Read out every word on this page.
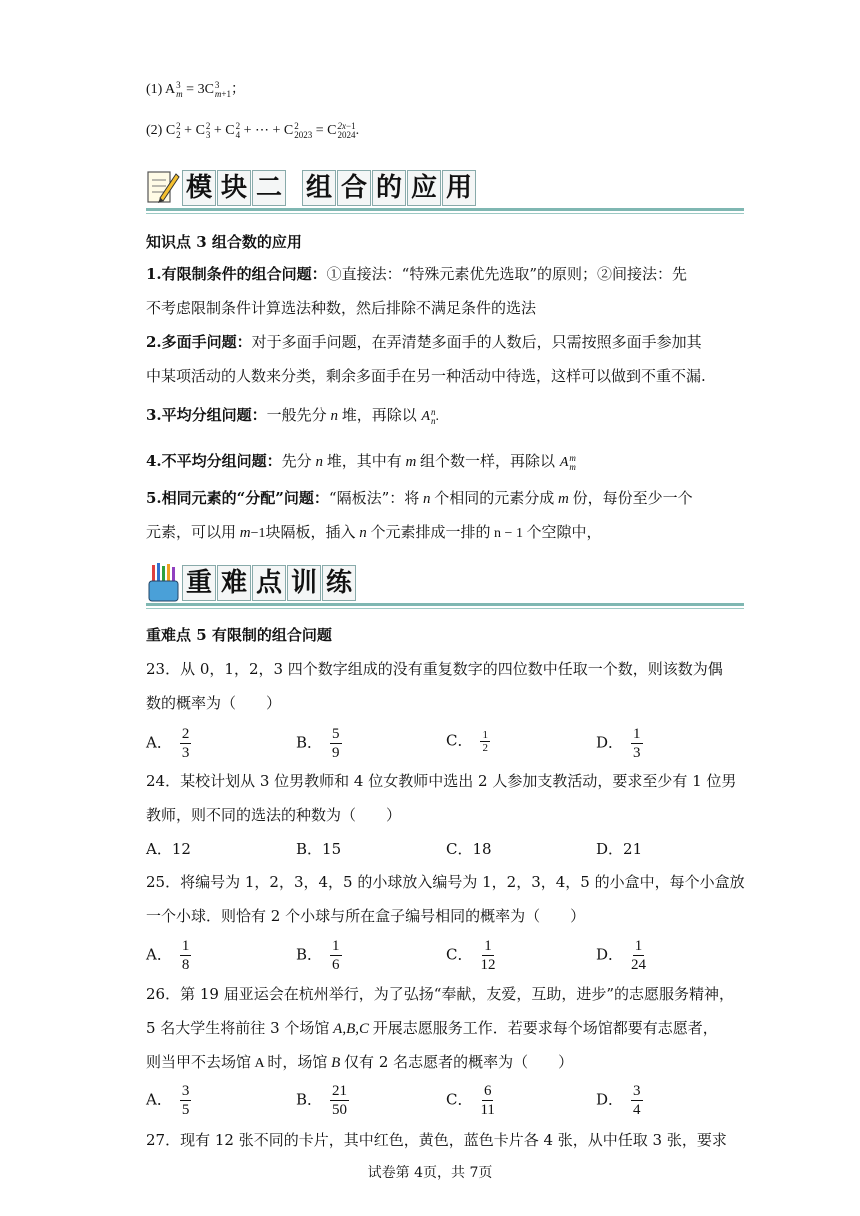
(1) A 3
m = 3C 3
m $_{+1}$；
(2) C 2
2 + C 2
3 + C 2
4 + ⋯ + C 2
2023 = C 2x−1
2024 .
模 块 二 组 合 的 应 用
知识点 3 组合数的应用
1.有限制条件的组合问题：①直接法：“特殊元素优先选取”的原则；②间接法：先
不考虑限制条件计算选法种数，然后排除不满足条件的选法
2.多面手问题：对于多面手问题，在弄清楚多面手的人数后，只需按照多面手参加其
中某项活动的人数来分类，剩余多面手在另一种活动中待选，这样可以做到不重不漏.
3.平均分组问题：一般先分 n 堆，再除以 A n
n .
4.不平均分组问题：先分 n 堆，其中有 m 组个数一样，再除以 A m
m
5.相同元素的“分配”问题：“隔板法”：将 n 个相同的元素分成 m 份，每份至少一个
元素，可以用 m−1块隔板，插入 n 个元素排成一排的 n − 1 个空隙中，
重 难 点 训 练
重难点 5 有限制的组合问题
23．从 0，1，2，3 四个数字组成的没有重复数字的四位数中任取一个数，则该数为偶
数的概率为（　　）
A． $\frac{2}{3}$	B． $\frac{5}{9}$	C． $\frac{1}{2}$	D． $\frac{1}{3}$
24．某校计划从 3 位男教师和 4 位女教师中选出 2 人参加支教活动，要求至少有 1 位男
教师，则不同的选法的种数为（　　）
A．12	B．15	C．18	D．21
25．将编号为 1，2，3，4，5 的小球放入编号为 1，2，3，4，5 的小盒中，每个小盒放
一个小球．则恰有 2 个小球与所在盒子编号相同的概率为（　　）
A． $\frac{1}{8}$	B． $\frac{1}{6}$	C． $\frac{1}{12}$	D． $\frac{1}{24}$
26．第 19 届亚运会在杭州举行，为了弘扬“奉献，友爱，互助，进步”的志愿服务精神，
5 名大学生将前往 3 个场馆 A,B,C 开展志愿服务工作．若要求每个场馆都要有志愿者，
则当甲不去场馆 A 时，场馆 B 仅有 2 名志愿者的概率为（　　）
A． $\frac{3}{5}$	B． $\frac{21}{50}$	C． $\frac{6}{11}$	D． $\frac{3}{4}$
27．现有 12 张不同的卡片，其中红色，黄色，蓝色卡片各 4 张，从中任取 3 张，要求
试卷第 4页，共 7页
